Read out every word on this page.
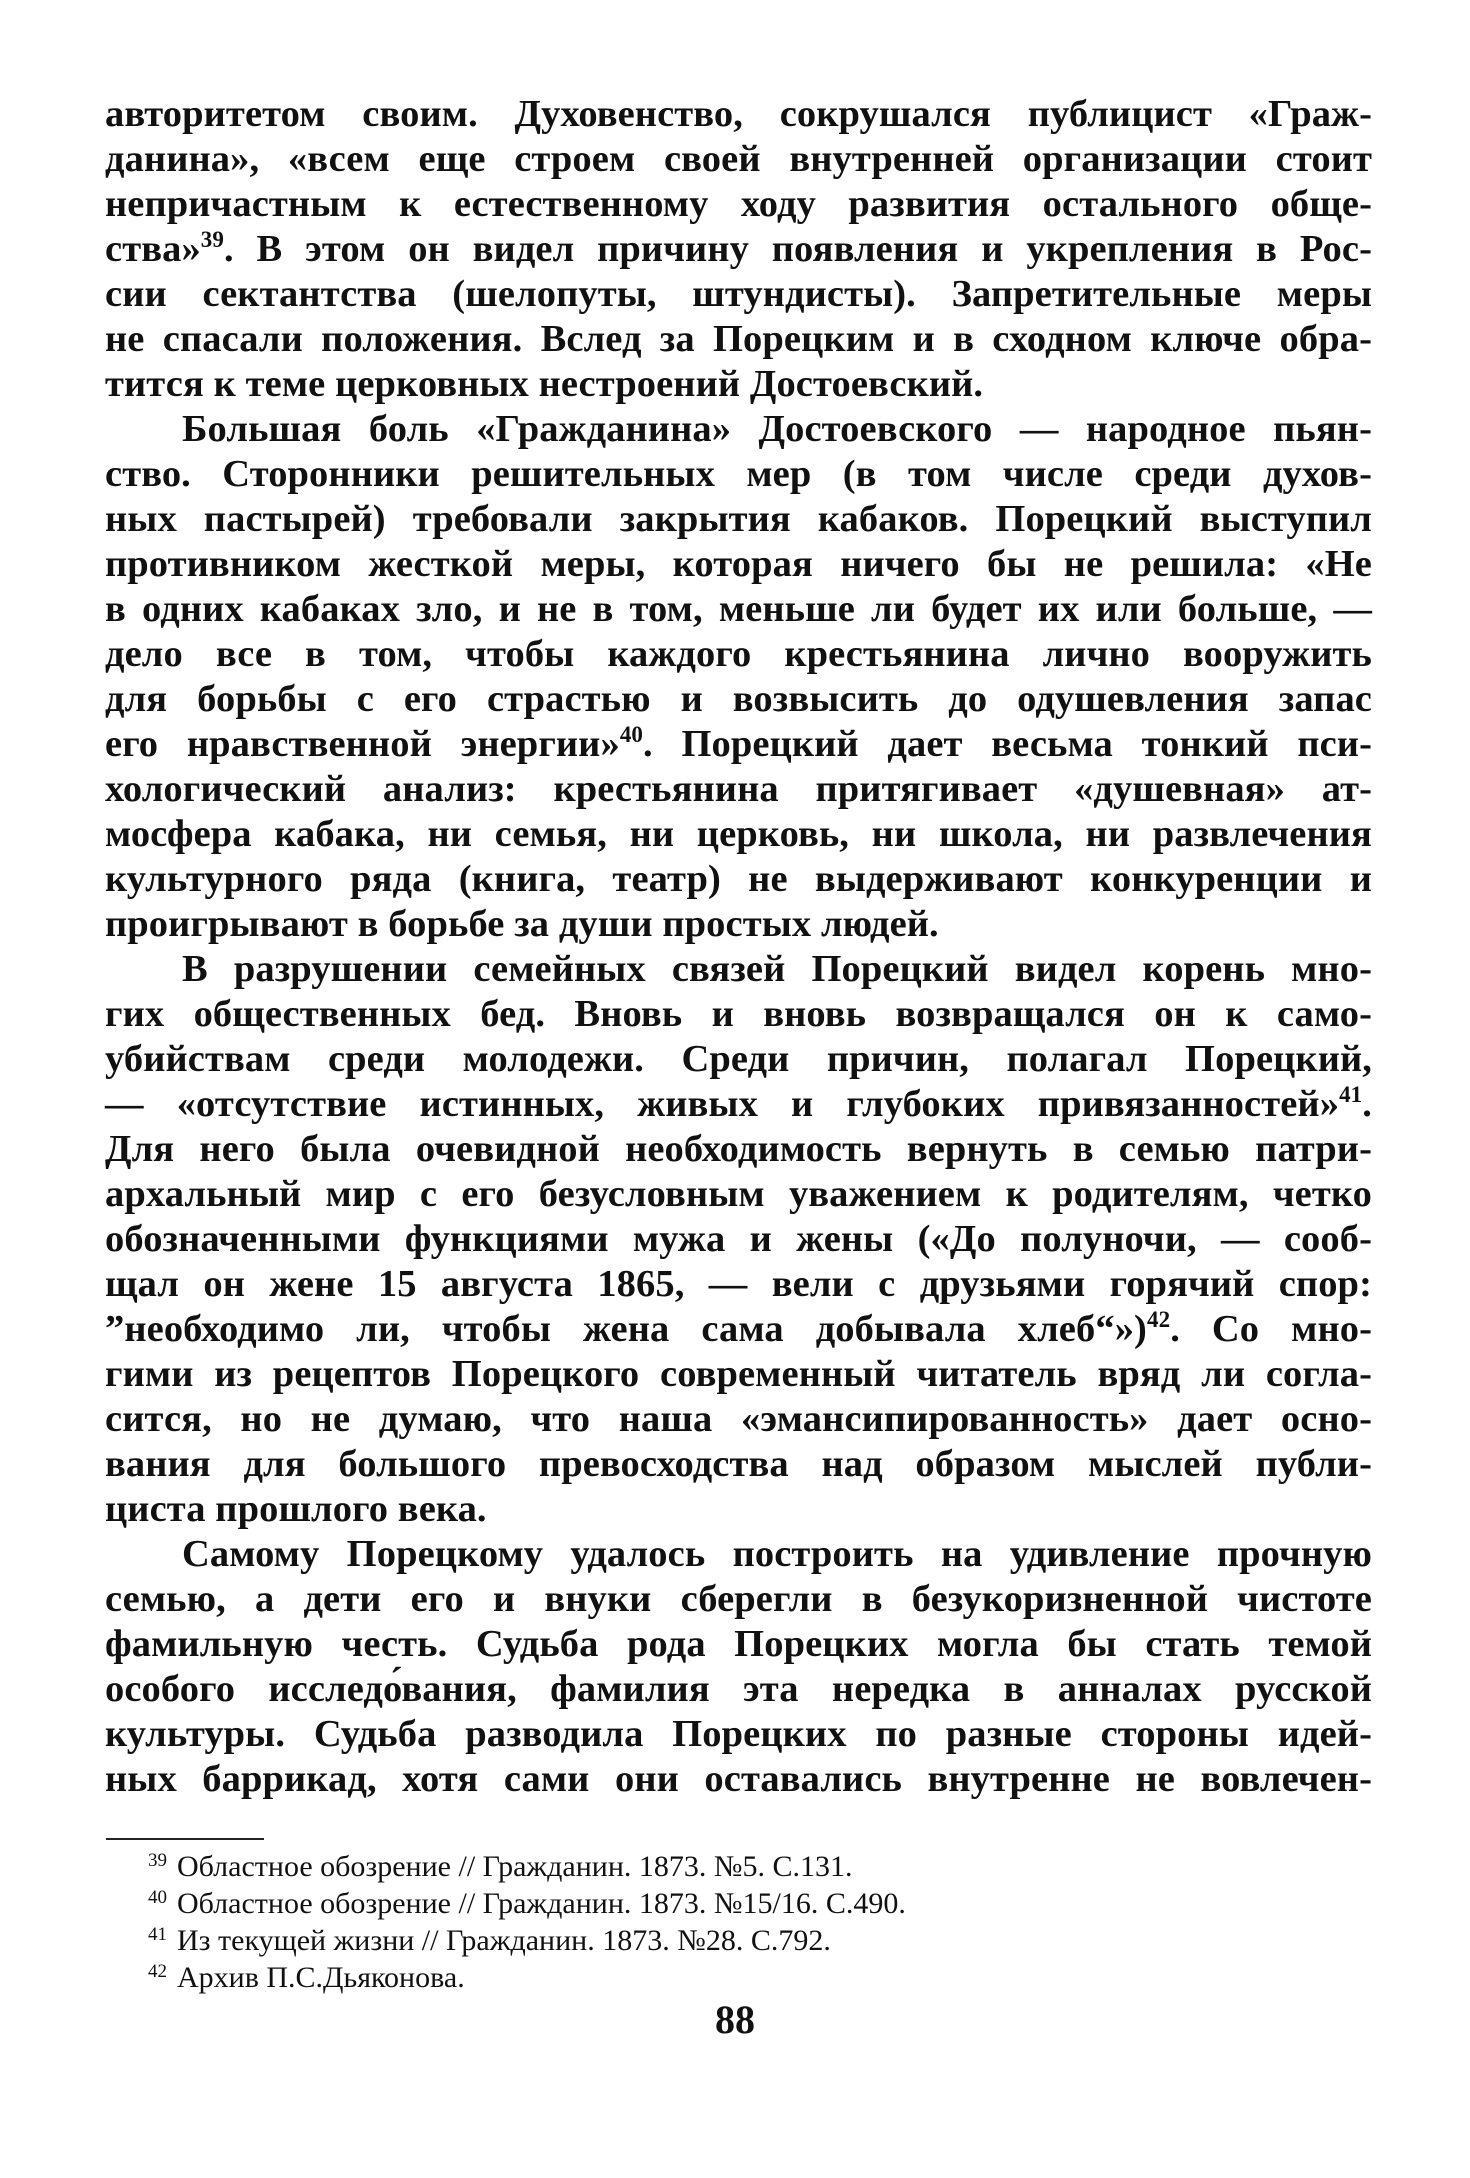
авторитетом своим. Духовенство, сокрушался публицист «Граж-
данина», «всем еще строем своей внутренней организации стоит
непричастным к естественному ходу развития остального обще-
ства»$^{39}$. В этом он видел причину появления и укрепления в Рос-
сии сектантства (шелопуты, штундисты). Запретительные меры
не спасали положения. Вслед за Порецким и в сходном ключе обра-
тится к теме церковных нестроений Достоевский.
Большая боль «Гражданина» Достоевского — народное пьян-
ство. Сторонники решительных мер (в том числе среди духов-
ных пастырей) требовали закрытия кабаков. Порецкий выступил
противником жесткой меры, которая ничего бы не решила: «Не
в одних кабаках зло, и не в том, меньше ли будет их или больше, —
дело все в том, чтобы каждого крестьянина лично вооружить
для борьбы с его страстью и возвысить до одушевления запас
его нравственной энергии»$^{40}$. Порецкий дает весьма тонкий пси-
хологический анализ: крестьянина притягивает «душевная» ат-
мосфера кабака, ни семья, ни церковь, ни школа, ни развлечения
культурного ряда (книга, театр) не выдерживают конкуренции и
проигрывают в борьбе за души простых людей.
В разрушении семейных связей Порецкий видел корень мно-
гих общественных бед. Вновь и вновь возвращался он к само-
убийствам среди молодежи. Среди причин, полагал Порецкий,
— «отсутствие истинных, живых и глубоких привязанностей»$^{41}$.
Для него была очевидной необходимость вернуть в семью патри-
архальный мир с его безусловным уважением к родителям, четко
обозначенными функциями мужа и жены («До полуночи, — сооб-
щал он жене 15 августа 1865, — вели с друзьями горячий спор:
”необходимо ли, чтобы жена сама добывала хлеб“»)$^{42}$. Со мно-
гими из рецептов Порецкого современный читатель вряд ли согла-
сится, но не думаю, что наша «эмансипированность» дает осно-
вания для большого превосходства над образом мыслей публи-
циста прошлого века.
Самому Порецкому удалось построить на удивление прочную
семью, а дети его и внуки сберегли в безукоризненной чистоте
фамильную честь. Судьба рода Порецких могла бы стать темой
особого исследо́вания, фамилия эта нередка в анналах русской
культуры. Судьба разводила Порецких по разные стороны идей-
ных баррикад, хотя сами они оставались внутренне не вовлечен-
$^{39}$ Областное обозрение // Гражданин. 1873. №5. С.131.
$^{40}$ Областное обозрение // Гражданин. 1873. №15/16. С.490.
$^{41}$ Из текущей жизни // Гражданин. 1873. №28. С.792.
$^{42}$ Архив П.С.Дьяконова.
88
